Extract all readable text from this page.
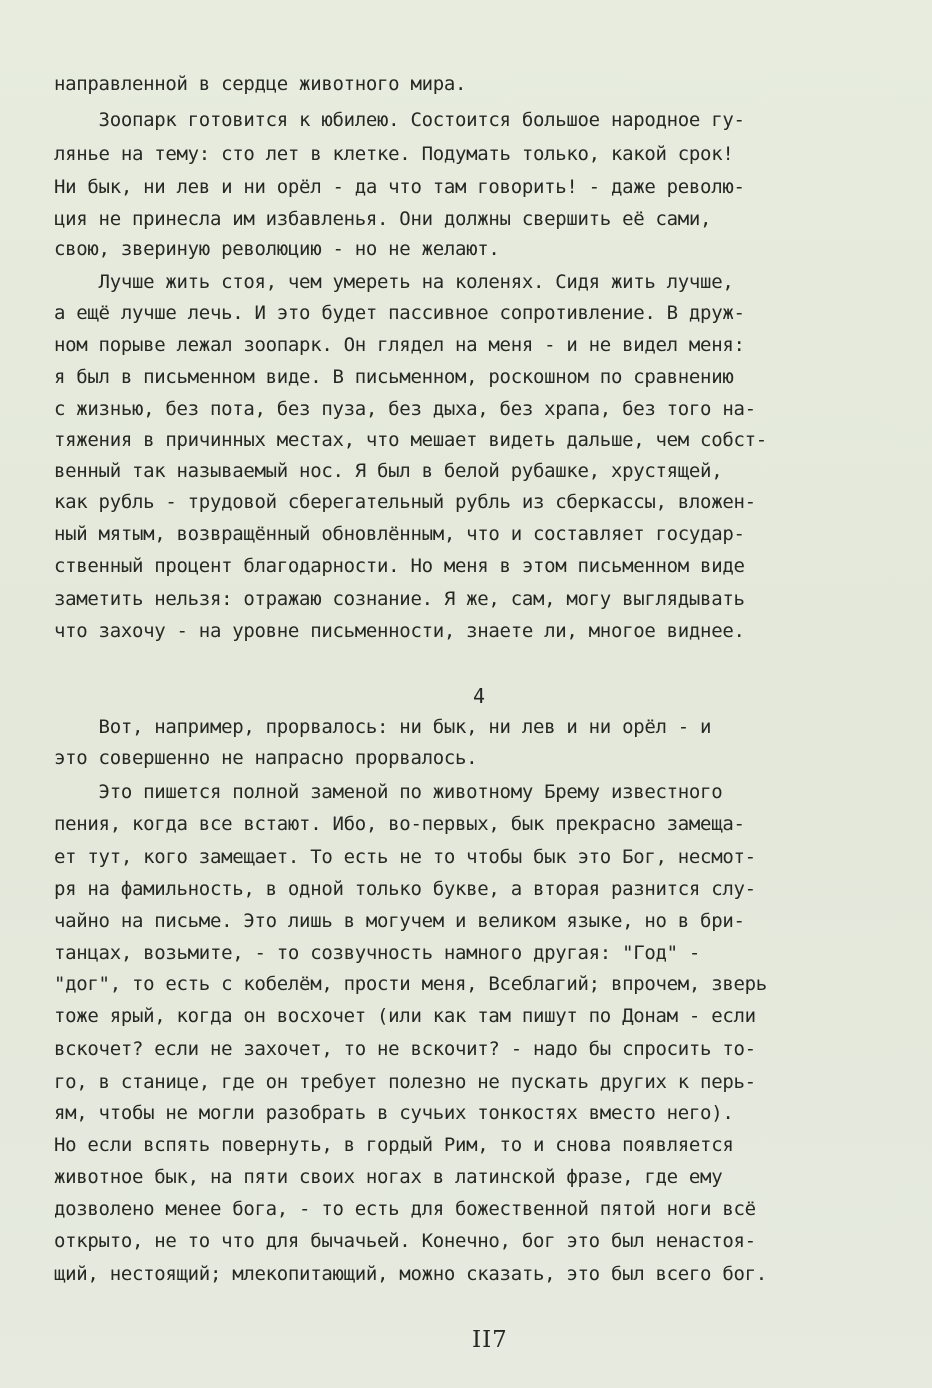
направленной в сердце животного мира.
Зоопарк готовится к юбилею. Состоится большое народное гу-
лянье на тему: сто лет в клетке. Подумать только, какой срок!
Ни бык, ни лев и ни орёл - да что там говорить! - даже револю-
ция не принесла им избавленья. Они должны свершить её сами,
свою, звериную революцию - но не желают.
Лучше жить стоя, чем умереть на коленях. Сидя жить лучше,
а ещё лучше лечь. И это будет пассивное сопротивление. В друж-
ном порыве лежал зоопарк. Он глядел на меня - и не видел меня:
я был в письменном виде. В письменном, роскошном по сравнению
с жизнью, без пота, без пуза, без дыха, без храпа, без того на-
тяжения в причинных местах, что мешает видеть дальше, чем собст-
венный так называемый нос. Я был в белой рубашке, хрустящей,
как рубль - трудовой сберегательный рубль из сберкассы, вложен-
ный мятым, возвращённый обновлённым, что и составляет государ-
ственный процент благодарности. Но меня в этом письменном виде
заметить нельзя: отражаю сознание. Я же, сам, могу выглядывать
что захочу - на уровне письменности, знаете ли, многое виднее.
4
Вот, например, прорвалось: ни бык, ни лев и ни орёл - и
это совершенно не напрасно прорвалось.
Это пишется полной заменой по животному Брему известного
пения, когда все встают. Ибо, во-первых, бык прекрасно замеща-
ет тут, кого замещает. То есть не то чтобы бык это Бог, несмот-
ря на фамильность, в одной только букве, а вторая разнится слу-
чайно на письме. Это лишь в могучем и великом языке, но в бри-
танцах, возьмите, - то созвучность намного другая: "Год" -
"дог", то есть с кобелём, прости меня, Всеблагий; впрочем, зверь
тоже ярый, когда он восхочет (или как там пишут по Донам - если
вскочет? если не захочет, то не вскочит? - надо бы спросить то-
го, в станице, где он требует полезно не пускать других к перь-
ям, чтобы не могли разобрать в сучьих тонкостях вместо него).
Но если вспять повернуть, в гордый Рим, то и снова появляется
животное бык, на пяти своих ногах в латинской фразе, где ему
дозволено менее бога, - то есть для божественной пятой ноги всё
открыто, не то что для бычачьей. Конечно, бог это был ненастоя-
щий, нестоящий; млекопитающий, можно сказать, это был всего бог.
II7
